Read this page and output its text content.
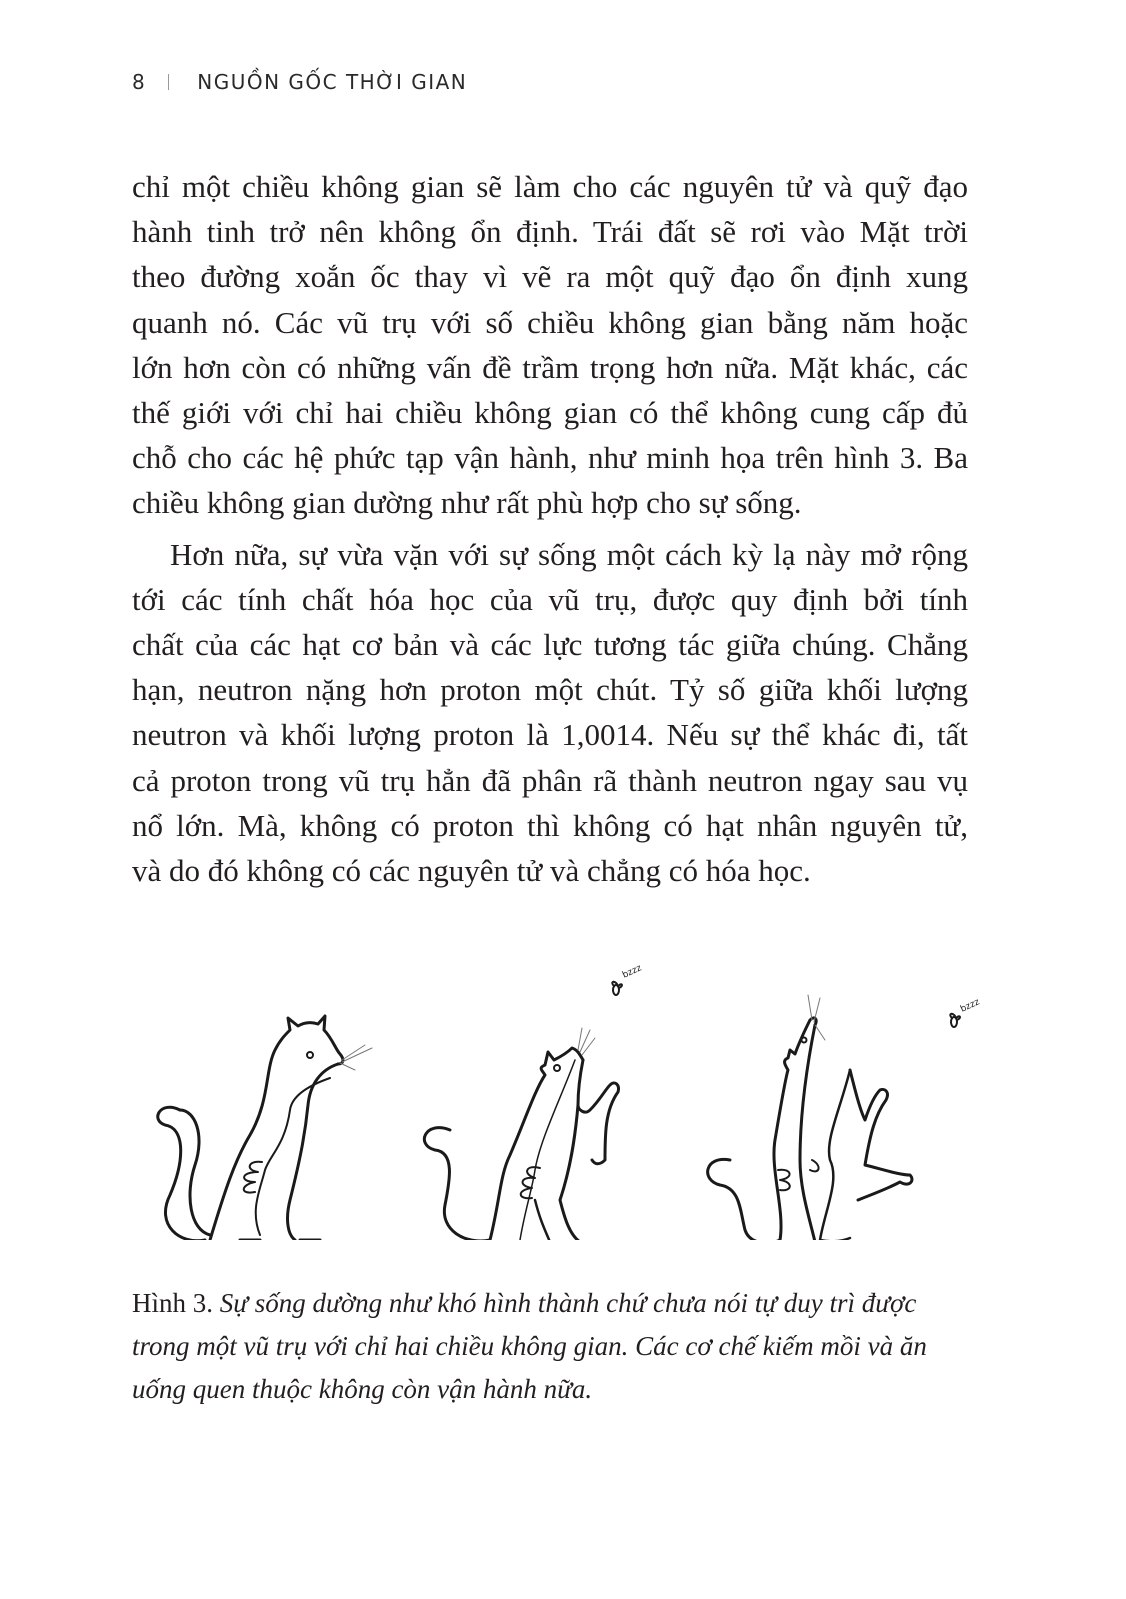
8	NGUỒN GỐC THỜI GIAN

chỉ một chiều không gian sẽ làm cho các nguyên tử và quỹ đạo
hành tinh trở nên không ổn định. Trái đất sẽ rơi vào Mặt trời
theo đường xoắn ốc thay vì vẽ ra một quỹ đạo ổn định xung
quanh nó. Các vũ trụ với số chiều không gian bằng năm hoặc
lớn hơn còn có những vấn đề trầm trọng hơn nữa. Mặt khác, các
thế giới với chỉ hai chiều không gian có thể không cung cấp đủ
chỗ cho các hệ phức tạp vận hành, như minh họa trên hình 3. Ba
chiều không gian dường như rất phù hợp cho sự sống.

Hơn nữa, sự vừa vặn với sự sống một cách kỳ lạ này mở rộng
tới các tính chất hóa học của vũ trụ, được quy định bởi tính
chất của các hạt cơ bản và các lực tương tác giữa chúng. Chẳng
hạn, neutron nặng hơn proton một chút. Tỷ số giữa khối lượng
neutron và khối lượng proton là 1,0014. Nếu sự thể khác đi, tất
cả proton trong vũ trụ hẳn đã phân rã thành neutron ngay sau vụ
nổ lớn. Mà, không có proton thì không có hạt nhân nguyên tử,
và do đó không có các nguyên tử và chẳng có hóa học.

bzzz
bzzz
Hình 3. Sự sống dường như khó hình thành chứ chưa nói tự duy trì được
trong một vũ trụ với chỉ hai chiều không gian. Các cơ chế kiếm mồi và ăn
uống quen thuộc không còn vận hành nữa.
